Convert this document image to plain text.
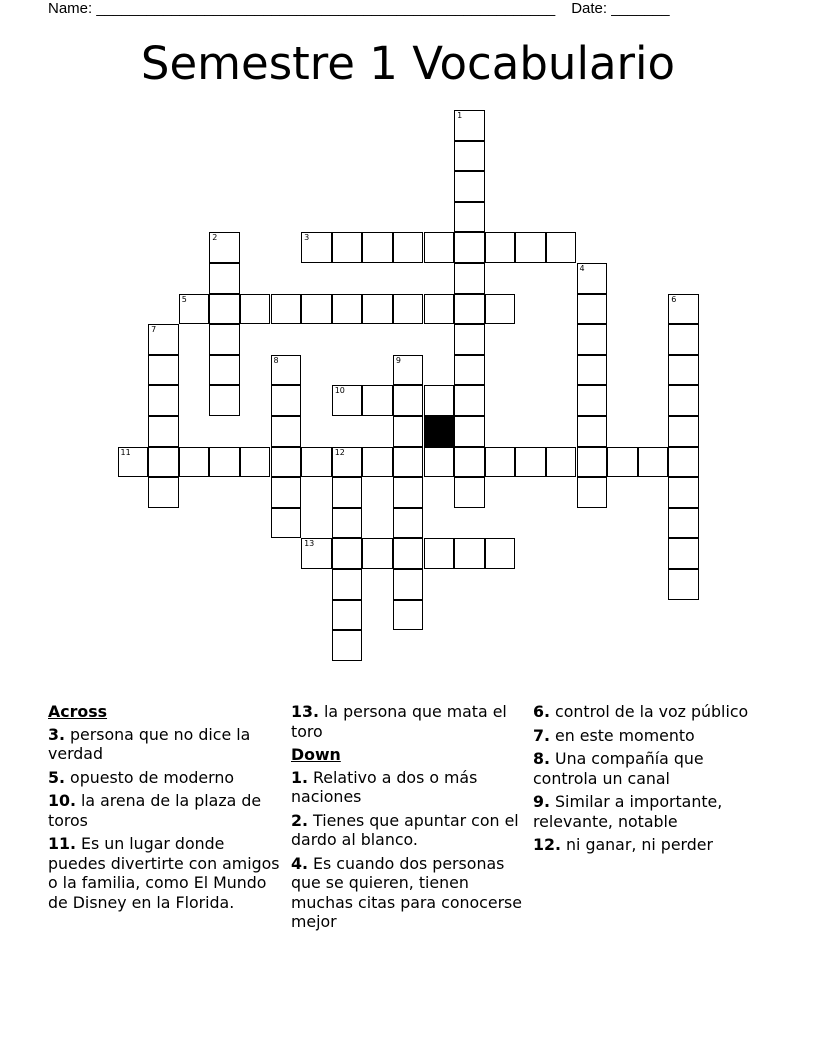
Name: _______________________________________________________ Date: _______
Semestre 1 Vocabulario
1
2	3
4
5	6
7
8	9
10
11	12
13
Across
3. persona que no dice la verdad
5. opuesto de moderno
10. la arena de la plaza de toros
11. Es un lugar donde puedes divertirte con amigos o la familia, como El Mundo de Disney en la Florida.
13. la persona que mata el toro
Down
1. Relativo a dos o más naciones
2. Tienes que apuntar con el dardo al blanco.
4. Es cuando dos personas que se quieren, tienen muchas citas para conocerse mejor
6. control de la voz público
7. en este momento
8. Una compañía que controla un canal
9. Similar a importante, relevante, notable
12. ni ganar, ni perder
